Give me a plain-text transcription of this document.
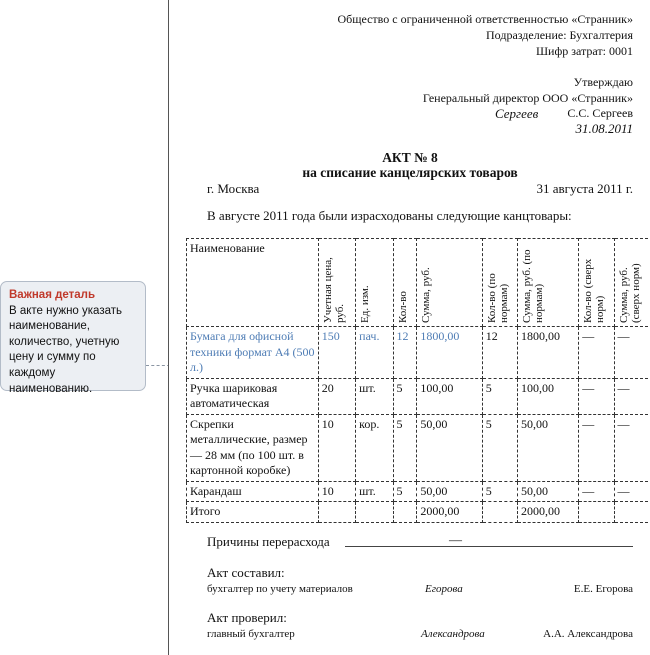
Важная деталь
В акте нужно указать наименование, количество, учетную цену и сумму по каждому наименованию.
Общество с ограниченной ответственностью «Странник»
Подразделение: Бухгалтерия
Шифр затрат: 0001
Утверждаю
Генеральный директор ООО «Странник»
Сергеев С.С. Сергеев
31.08.2011
АКТ № 8
на списание канцелярских товаров
г. Москва	31 августа 2011 г.
В августе 2011 года были израсходованы следующие канцтовары:
Наименование	Учетная цена, руб.	Ед. изм.	Кол-во	Сумма, руб.	Кол-во (по нормам)	Сумма, руб. (по нормам)	Кол-во (сверх норм)	Сумма, руб. (сверх норм)

Бумага для офисной техники формат А4 (500 л.)	150	пач.	12	1800,00	12	1800,00	—	—
Ручка шариковая автоматическая	20	шт.	5	100,00	5	100,00	—	—
Скрепки металлические, размер — 28 мм (по 100 шт. в картонной коробке)	10	кор.	5	50,00	5	50,00	—	—
Карандаш	10	шт.	5	50,00	5	50,00	—	—
Итого				2000,00		2000,00		
Причины перерасхода	—
Акт составил:
бухгалтер по учету материалов	Егорова	Е.Е. Егорова
Акт проверил:
главный бухгалтер	Александрова	А.А. Александрова
